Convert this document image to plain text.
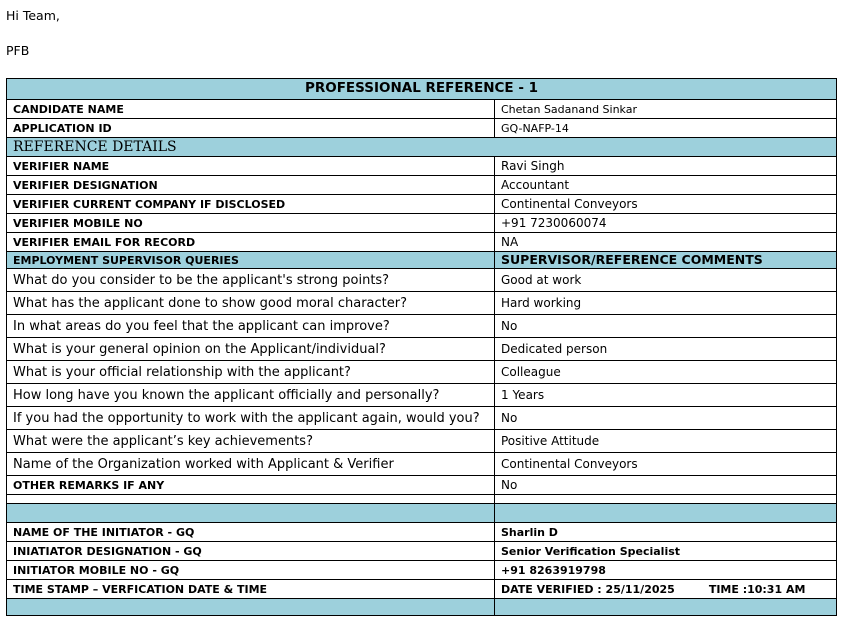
Hi Team,
PFB
PROFESSIONAL REFERENCE - 1	
CANDIDATE NAME	Chetan Sadanand Sinkar
APPLICATION ID	GQ-NAFP-14
REFERENCE DETAILS	
VERIFIER NAME	Ravi Singh
VERIFIER DESIGNATION	Accountant
VERIFIER CURRENT COMPANY IF DISCLOSED	Continental Conveyors
VERIFIER MOBILE NO	+91 7230060074
VERIFIER EMAIL FOR RECORD	NA
EMPLOYMENT SUPERVISOR QUERIES	SUPERVISOR/REFERENCE COMMENTS
What do you consider to be the applicant's strong points?	Good at work
What has the applicant done to show good moral character?	Hard working
In what areas do you feel that the applicant can improve?	No
What is your general opinion on the Applicant/individual?	Dedicated person
What is your official relationship with the applicant?	Colleague
How long have you known the applicant officially and personally?	1 Years
If you had the opportunity to work with the applicant again, would you?	No
What were the applicant’s key achievements?	Positive Attitude
Name of the Organization worked with Applicant & Verifier	Continental Conveyors
OTHER REMARKS IF ANY	No

NAME OF THE INITIATOR - GQ	Sharlin D
INIATIATOR DESIGNATION - GQ	Senior Verification Specialist
INITIATOR MOBILE NO - GQ	+91 8263919798
TIME STAMP – VERFICATION DATE & TIME	DATE VERIFIED : 25/11/2025 TIME :10:31 AM
